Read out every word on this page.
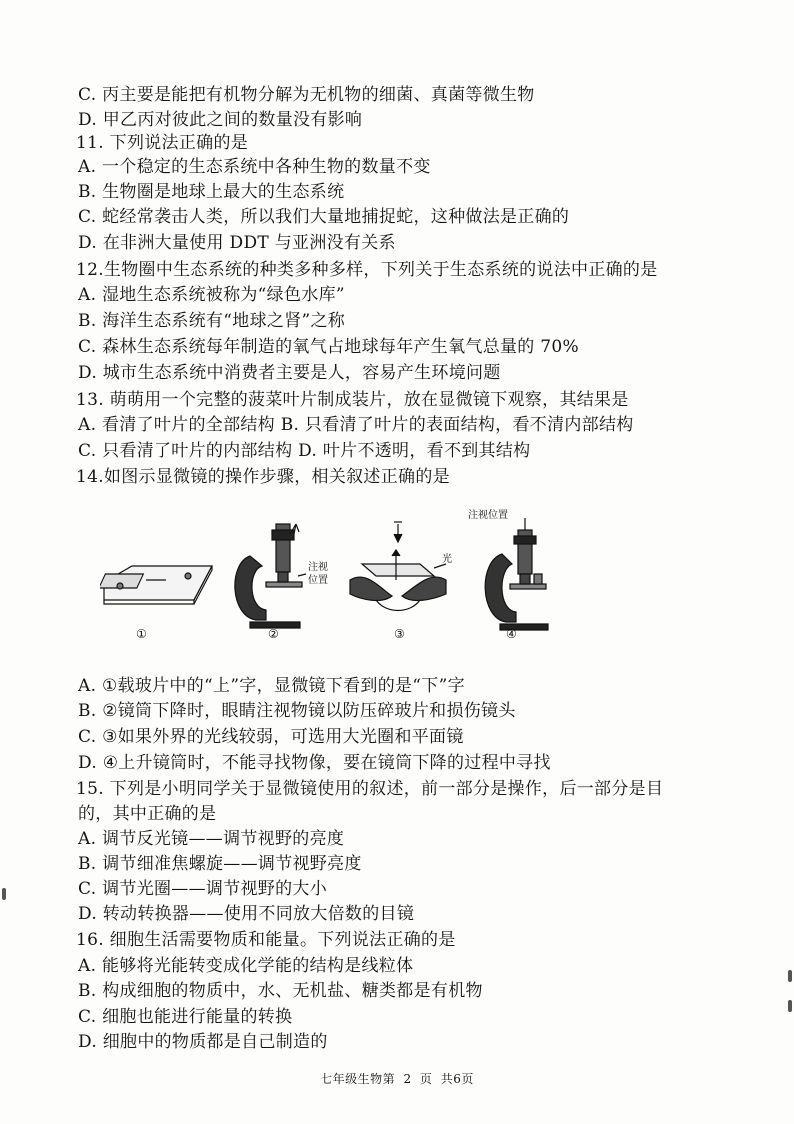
C. 丙主要是能把有机物分解为无机物的细菌、真菌等微生物
D. 甲乙丙对彼此之间的数量没有影响
11. 下列说法正确的是
A. 一个稳定的生态系统中各种生物的数量不变
B. 生物圈是地球上最大的生态系统
C. 蛇经常袭击人类，所以我们大量地捕捉蛇，这种做法是正确的
D. 在非洲大量使用 DDT 与亚洲没有关系
12.生物圈中生态系统的种类多种多样，下列关于生态系统的说法中正确的是
A. 湿地生态系统被称为“绿色水库”
B. 海洋生态系统有“地球之肾”之称
C. 森林生态系统每年制造的氧气占地球每年产生氧气总量的 70%
D. 城市生态系统中消费者主要是人，容易产生环境问题
13. 萌萌用一个完整的菠菜叶片制成装片，放在显微镜下观察，其结果是
A. 看清了叶片的全部结构 B. 只看清了叶片的表面结构，看不清内部结构
C. 只看清了叶片的内部结构 D. 叶片不透明，看不到其结构
14.如图示显微镜的操作步骤，相关叙述正确的是
①
注视
位置
②
光
③
注视位置
④
A. ①载玻片中的“上”字，显微镜下看到的是“下”字
B. ②镜筒下降时，眼睛注视物镜以防压碎玻片和损伤镜头
C. ③如果外界的光线较弱，可选用大光圈和平面镜
D. ④上升镜筒时，不能寻找物像，要在镜筒下降的过程中寻找
15. 下列是小明同学关于显微镜使用的叙述，前一部分是操作，后一部分是目
的，其中正确的是
A. 调节反光镜——调节视野的亮度
B. 调节细准焦螺旋——调节视野亮度
C. 调节光圈——调节视野的大小
D. 转动转换器——使用不同放大倍数的目镜
16. 细胞生活需要物质和能量。下列说法正确的是
A. 能够将光能转变成化学能的结构是线粒体
B. 构成细胞的物质中，水、无机盐、糖类都是有机物
C. 细胞也能进行能量的转换
D. 细胞中的物质都是自己制造的
七年级生物第 2 页 共6页
